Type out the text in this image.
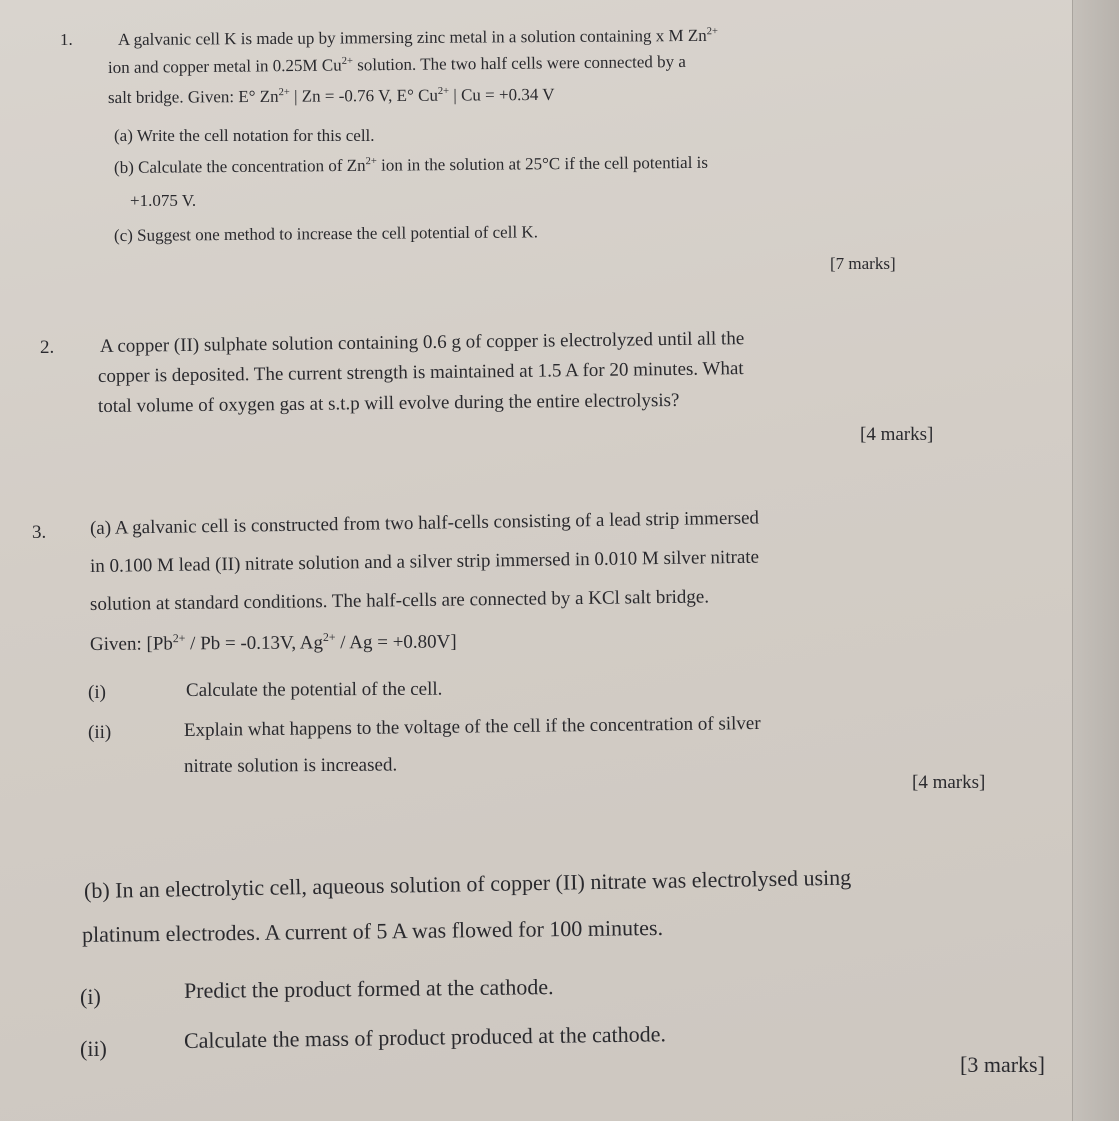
1.	A galvanic cell K is made up by immersing zinc metal in a solution containing x M $Zn^{2+}$
ion and copper metal in 0.25M $Cu^{2+}$ solution. The two half cells were connected by a
salt bridge. Given: E° $Zn^{2+}$ | Zn = -0.76 V, E° $Cu^{2+}$ | Cu = +0.34 V
(a) Write the cell notation for this cell.
(b) Calculate the concentration of $Zn^{2+}$ ion in the solution at 25°C if the cell potential is
+1.075 V.
(c) Suggest one method to increase the cell potential of cell K.
[7 marks]
2. A copper (II) sulphate solution containing 0.6 g of copper is electrolyzed until all the
copper is deposited. The current strength is maintained at 1.5 A for 20 minutes. What
total volume of oxygen gas at s.t.p will evolve during the entire electrolysis?
[4 marks]
3. (a) A galvanic cell is constructed from two half-cells consisting of a lead strip immersed
in 0.100 M lead (II) nitrate solution and a silver strip immersed in 0.010 M silver nitrate
solution at standard conditions. The half-cells are connected by a KCl salt bridge.
Given: [$Pb^{2+} / Pb = -0.13V$, $Ag^{2+} / Ag = +0.80V$]
(i)	Calculate the potential of the cell.
(ii)	Explain what happens to the voltage of the cell if the concentration of silver
nitrate solution is increased.
[4 marks]
(b) In an electrolytic cell, aqueous solution of copper (II) nitrate was electrolysed using
platinum electrodes. A current of 5 A was flowed for 100 minutes.
(i)	Predict the product formed at the cathode.
(ii)	Calculate the mass of product produced at the cathode.
[3 marks]
